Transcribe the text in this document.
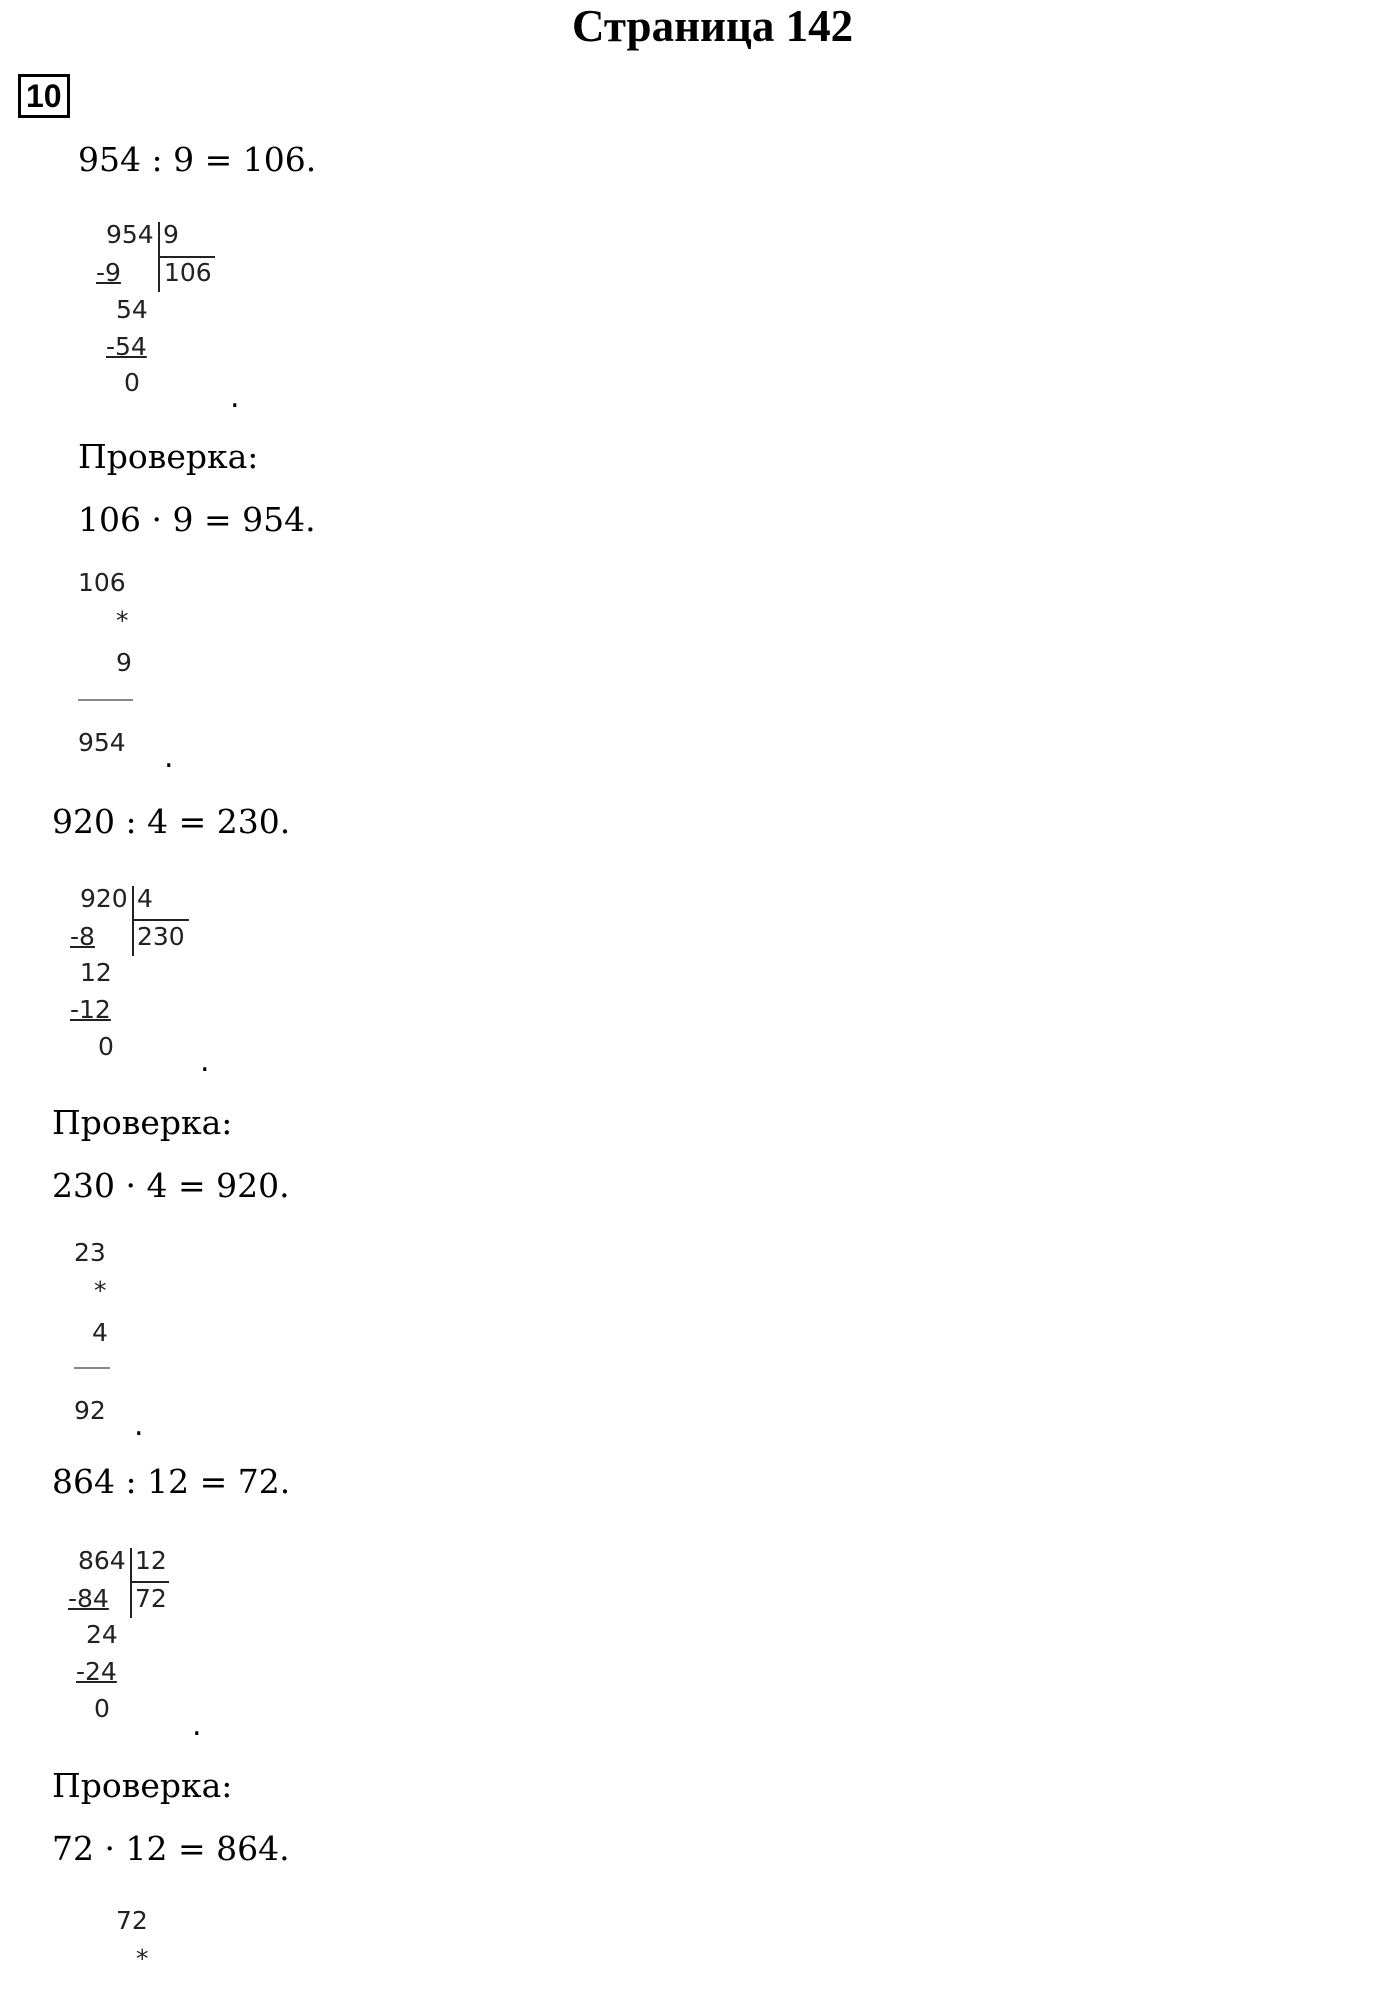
Страница 142
10
954 : 9 = 106.
954 9
106
-9
54
-54
0	.
Проверка:
106 · 9 = 954.
106
*
9
954 .
920 : 4 = 230.
920 4
230
-8
12
-12
0	.
Проверка:
230 · 4 = 920.
23
*
4
92 .
864 : 12 = 72.
864 12
72
-84
24
-24
0	.
Проверка:
72 · 12 = 864.
72
*
